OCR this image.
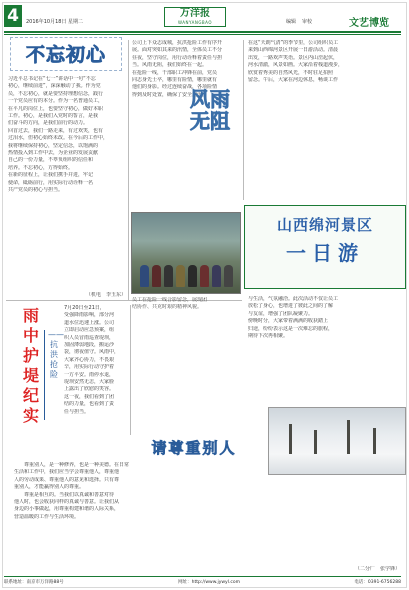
4	2016年10月18日 星期二
万洋报
WANYANGBAO	编辑 审校	文艺博览
不忘初心
习近平总书记在“七一”讲话中一句“不忘
初心，继续前进”，深深触动了我。作为党
员，不忘初心，就是要坚持理想信念，践行
一个党员应有的本分。作为一名普通员工，
在平凡的岗位上，也要坚守初心，做好本职
工作。初心，是我们入党时的誓言，是我
们奋斗的方向，是我们前行的动力。
回首过去，我们一路走来，有过欢笑，也有
过泪水，但初心始终未改。在今后的工作中，
我将继续保持初心，坚定信念，以饱满的
热情投入到工作中去，为企业的发展贡献
自己的一份力量，不辜负组织的信任和
培养。不忘初心，方得始终。
在新的征程上，让我们携手并进，牢记
使命，砥砺前行，用实际行动诠释一名
共产党员的初心与担当。
（机电　李玉东）
公司上下众志成城，抗洪抢险工作有序开
展。面对突如其来的汛情，全体员工不分
昼夜，坚守岗位，用行动诠释着责任与担
当。风雨无阻，我们始终在一起。
在抢险一线，干部职工冲锋在前，党员
同志身先士卒，哪里有险情，哪里就有
他们的身影。经过连续奋战，各项险情
得到及时处置，确保了安全度汛。
风雨无阻
在这“天朗气清”的季节里，公司组织员工
来到山西绵河景区开展一日游活动。清晨
出发，一路欢声笑语。景区内山峦起伏，
河水清澈，风景如画。大家沿着栈道漫步，
欣赏着秀美的自然风光，不时驻足拍照
留念。午后，大家在河边休息，畅谈工作
员工在抢险一线合影留念，展现团
结协作、共克时艰的精神风貌。
山西绵河景区
一日游
与生活，气氛融洽。此次活动不仅让员工
放松了身心，也增进了彼此之间的了解
与友谊，增强了团队凝聚力。
傍晚时分，大家带着满满的收获踏上
归途，纷纷表示这是一次难忘的旅程，
期待下次再相聚。
雨中护堤纪实
——抗洪抢险
7月20日至21日，
受强降雨影响，部分河
道水位迅速上涨。公司
立即启动应急预案，组
织人员冒雨巡查堤坝，
加固薄弱地段，搬运沙
袋，彻夜值守。风雨中，
大家齐心协力，不畏艰
辛，用实际行动守护着
一方平安。雨停水退，
堤坝安然无恙，大家脸
上露出了欣慰的笑容。
这一夜，我们看到了团
结的力量，也看到了责
任与担当。
请尊重别人
　　尊重别人，是一种修养，也是一种美德。在日常
生活和工作中，我们应当学会尊重他人，尊重他
人的劳动成果、尊重他人的意见和选择。只有尊
重别人，才能赢得别人的尊重。
　　尊重是相互的。当我们以真诚和善意对待
他人时，也会收获同样的真诚与善意。让我们从
身边的小事做起，用尊重构建和谐的人际关系，
营造温暖的工作与生活环境。
（二分厂　张学锋）
联系地址：南京市万洋路88号	网址：http://www.jywyl.com	电话：0391-6756288
